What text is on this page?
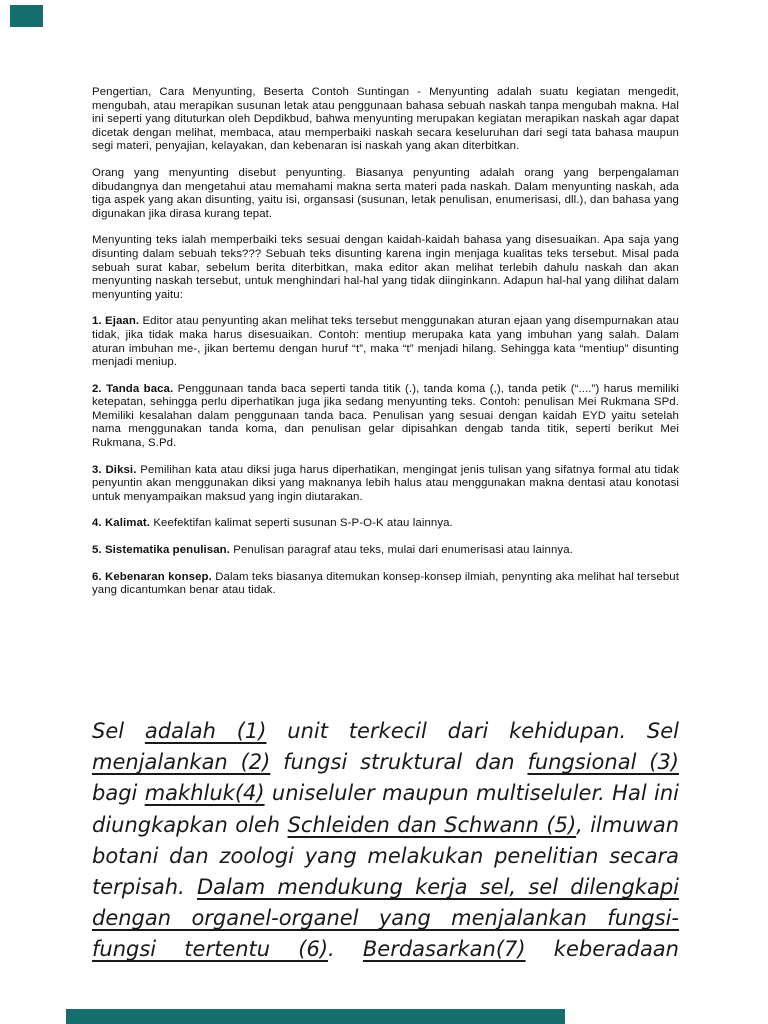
Pengertian, Cara Menyunting, Beserta Contoh Suntingan - Menyunting adalah suatu kegiatan mengedit, mengubah, atau merapikan susunan letak atau penggunaan bahasa sebuah naskah tanpa mengubah makna. Hal ini seperti yang dituturkan oleh Depdikbud, bahwa menyunting merupakan kegiatan merapikan naskah agar dapat dicetak dengan melihat, membaca, atau memperbaiki naskah secara keseluruhan dari segi tata bahasa maupun segi materi, penyajian, kelayakan, dan kebenaran isi naskah yang akan diterbitkan.

Orang yang menyunting disebut penyunting. Biasanya penyunting adalah orang yang berpengalaman dibudangnya dan mengetahui atau memahami makna serta materi pada naskah. Dalam menyunting naskah, ada tiga aspek yang akan disunting, yaitu isi, organsasi (susunan, letak penulisan, enumerisasi, dll.), dan bahasa yang digunakan jika dirasa kurang tepat.

Menyunting teks ialah memperbaiki teks sesuai dengan kaidah-kaidah bahasa yang disesuaikan. Apa saja yang disunting dalam sebuah teks??? Sebuah teks disunting karena ingin menjaga kualitas teks tersebut. Misal pada sebuah surat kabar, sebelum berita diterbitkan, maka editor akan melihat terlebih dahulu naskah dan akan menyunting naskah tersebut, untuk menghindari hal-hal yang tidak diinginkann. Adapun hal-hal yang dilihat dalam menyunting yaitu:

1. Ejaan. Editor atau penyunting akan melihat teks tersebut menggunakan aturan ejaan yang disempurnakan atau tidak, jika tidak maka harus disesuaikan. Contoh: mentiup merupaka kata yang imbuhan yang salah. Dalam aturan imbuhan me-, jikan bertemu dengan huruf “t”, maka “t” menjadi hilang. Sehingga kata “mentiup” disunting menjadi meniup.

2. Tanda baca. Penggunaan tanda baca seperti tanda titik (.), tanda koma (,), tanda petik (“....”) harus memiliki ketepatan, sehingga perlu diperhatikan juga jika sedang menyunting teks. Contoh: penulisan Mei Rukmana SPd. Memiliki kesalahan dalam penggunaan tanda baca. Penulisan yang sesuai dengan kaidah EYD yaitu setelah nama menggunakan tanda koma, dan penulisan gelar dipisahkan dengab tanda titik, seperti berikut Mei Rukmana, S.Pd.

3. Diksi. Pemilihan kata atau diksi juga harus diperhatikan, mengingat jenis tulisan yang sifatnya formal atu tidak penyuntin akan menggunakan diksi yang maknanya lebih halus atau menggunakan makna dentasi atau konotasi untuk menyampaikan maksud yang ingin diutarakan.

4. Kalimat. Keefektifan kalimat seperti susunan S-P-O-K atau lainnya.

5. Sistematika penulisan. Penulisan paragraf atau teks, mulai dari enumerisasi atau lainnya.

6. Kebenaran konsep. Dalam teks biasanya ditemukan konsep-konsep ilmiah, penynting aka melihat hal tersebut yang dicantumkan benar atau tidak.

Sel adalah (1) unit terkecil dari kehidupan. Sel menjalankan (2) fungsi struktural dan fungsional (3) bagi makhluk(4) uniseluler maupun multiseluler. Hal ini diungkapkan oleh Schleiden dan Schwann (5), ilmuwan botani dan zoologi yang melakukan penelitian secara terpisah. Dalam mendukung kerja sel, sel dilengkapi dengan organel-organel yang menjalankan fungsi-fungsi tertentu (6). Berdasarkan(7) keberadaan
